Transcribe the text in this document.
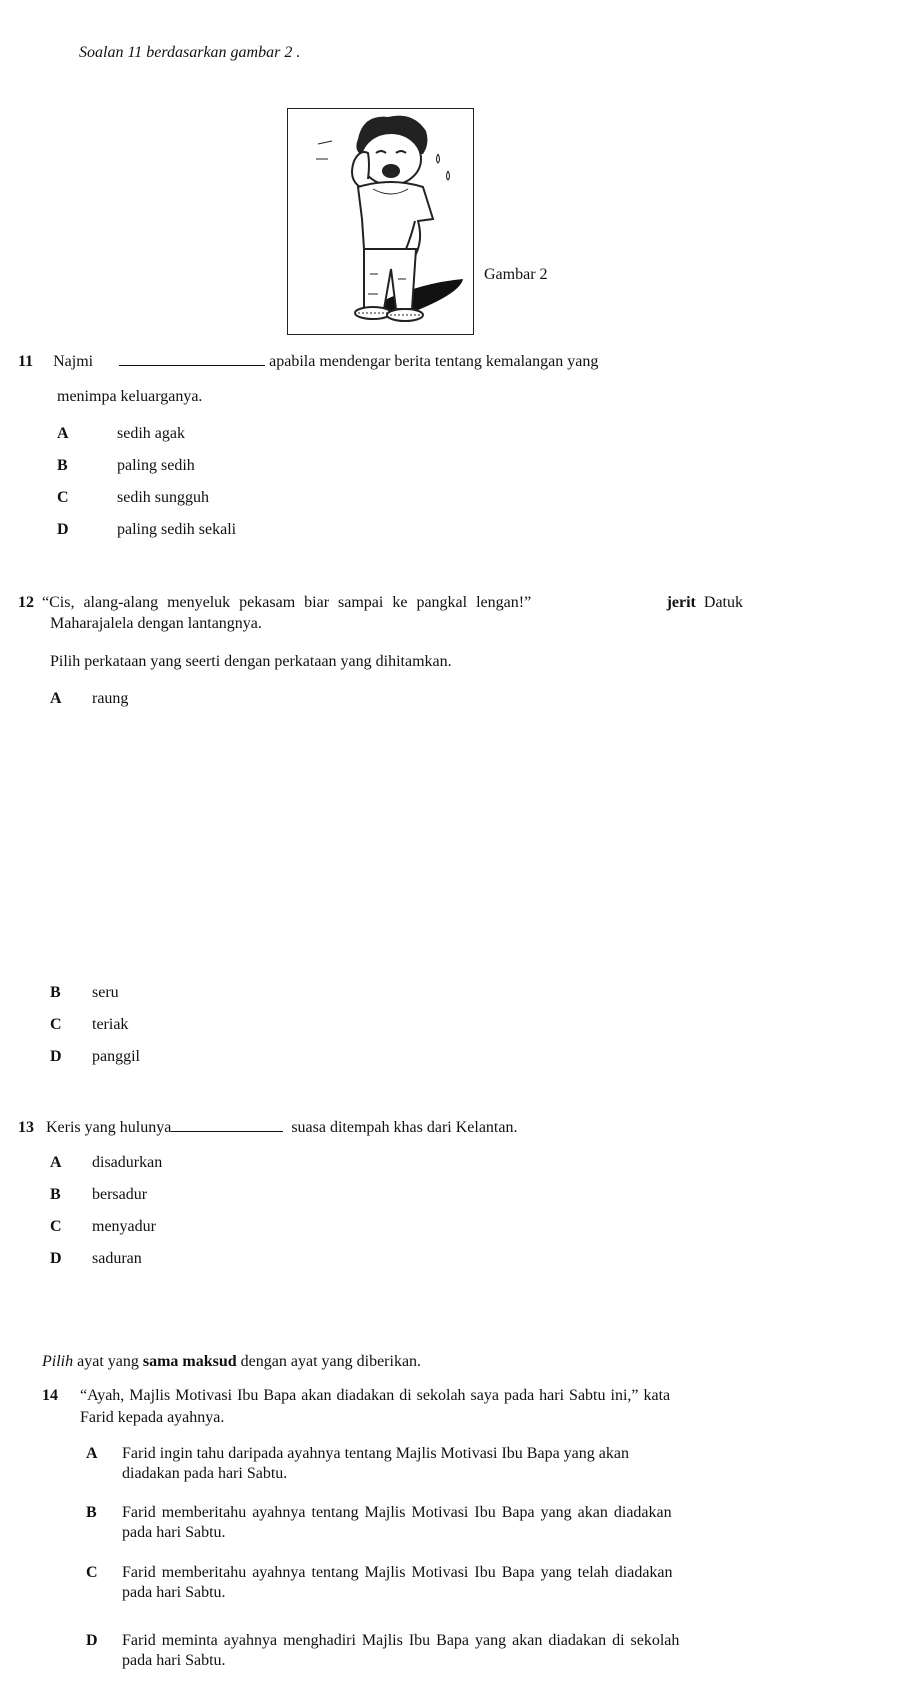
Soalan 11 berdasarkan gambar 2 .
Gambar 2
11 Najmi	apabila mendengar berita tentang kemalangan yang
menimpa keluarganya.
A	sedih agak
B	paling sedih
C	sedih sungguh
D	paling sedih sekali
12 “Cis, alang-alang menyeluk pekasam biar sampai ke pangkal lengan!”	jerit Datuk
Maharajalela dengan lantangnya.
Pilih perkataan yang seerti dengan perkataan yang dihitamkan.
A raung
B seru
C teriak
D panggil
13 Keris yang hulunya	suasa ditempah khas dari Kelantan.
A disadurkan
B bersadur
C menyadur
D saduran
Pilih ayat yang sama maksud dengan ayat yang diberikan.
14	“Ayah, Majlis Motivasi Ibu Bapa akan diadakan di sekolah saya pada hari Sabtu ini,” kata
Farid kepada ayahnya.
A	Farid ingin tahu daripada ayahnya tentang Majlis Motivasi Ibu Bapa yang akan
diadakan pada hari Sabtu.
B	Farid memberitahu ayahnya tentang Majlis Motivasi Ibu Bapa yang akan diadakan
pada hari Sabtu.
C	Farid memberitahu ayahnya tentang Majlis Motivasi Ibu Bapa yang telah diadakan
pada hari Sabtu.
D	Farid meminta ayahnya menghadiri Majlis Ibu Bapa yang akan diadakan di sekolah
pada hari Sabtu.
